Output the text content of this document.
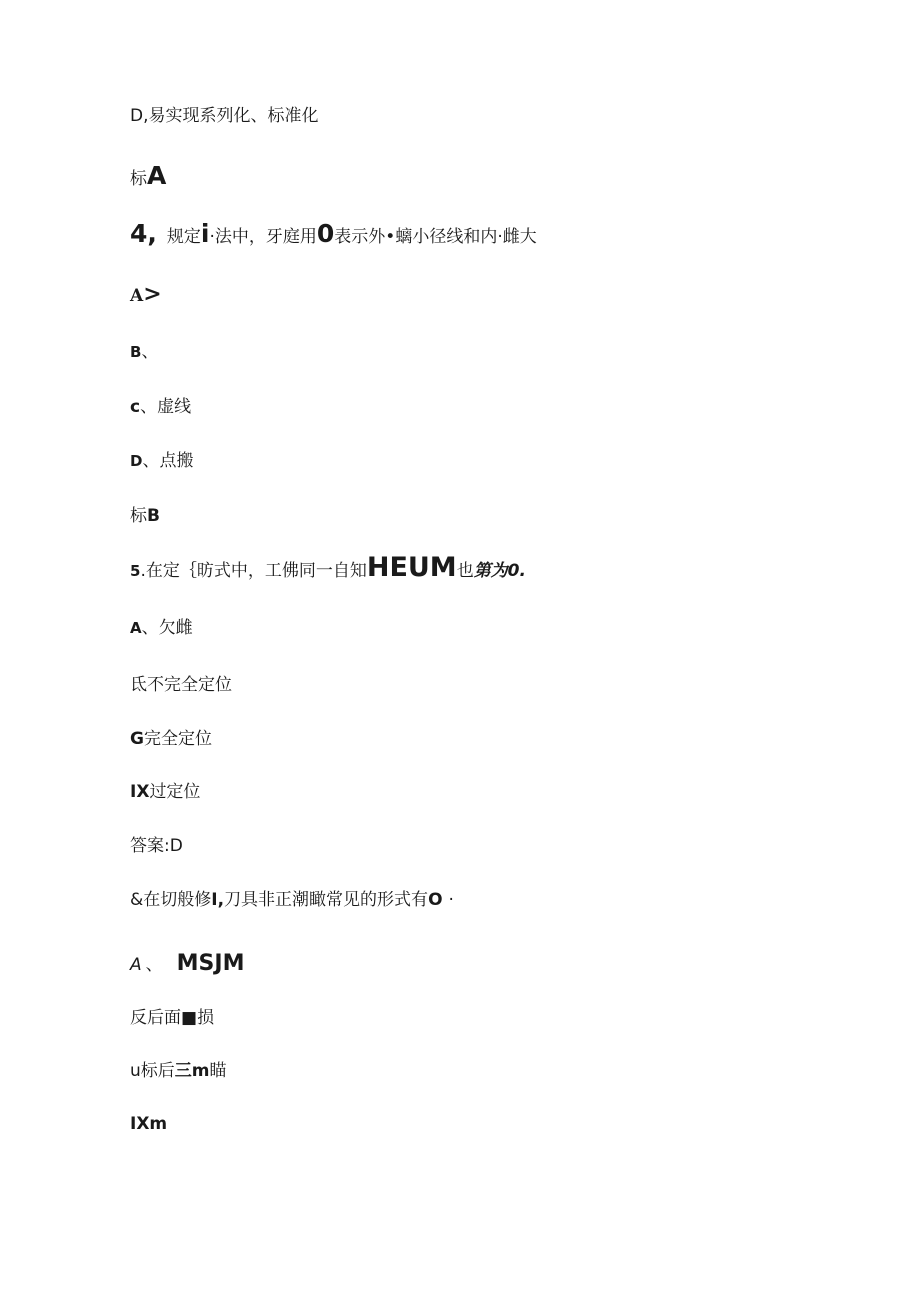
D,易实现系列化、标准化
标A
4, 规定i·法中，牙庭用0表示外•螭小径线和内·雌大
A>
B、
c、虚线
D、点搬
标B
5.在定｛昉式中，工佛同一自知HEUM也第为0.
A、欠雌
氐不完全定位
G完全定位
IX过定位
答案:D
&在切般修I,刀具非正潮瞰常见的形式有O ·
A 、 MSJM
反后面■损
u标后三m瞄
IXm
